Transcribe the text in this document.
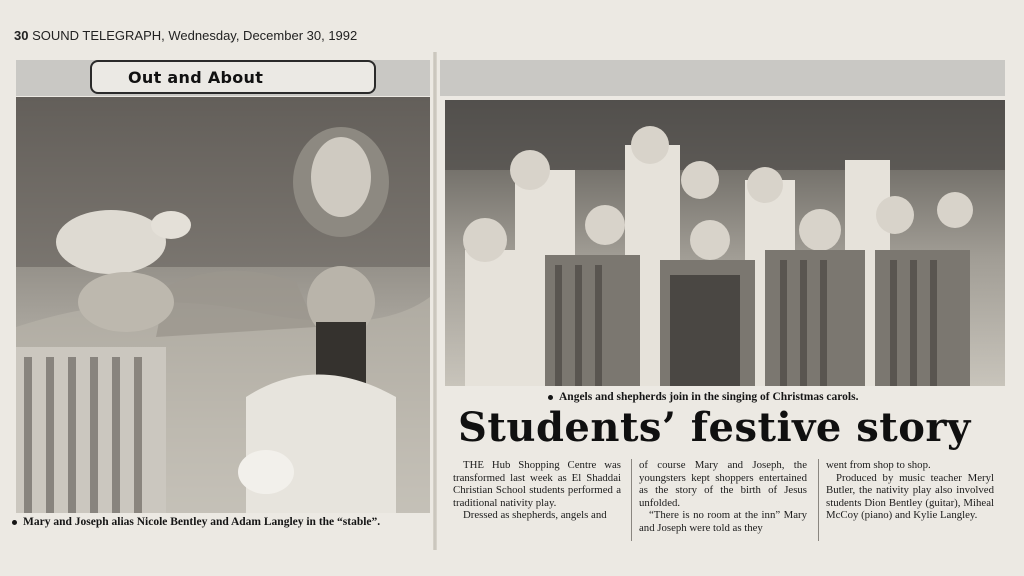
30 SOUND TELEGRAPH, Wednesday, December 30, 1992
Out and About
Mary and Joseph alias Nicole Bentley and Adam Langley in the “stable”.
Angels and shepherds join in the singing of Christmas carols.
Students’ festive story

THE Hub Shopping Centre was transformed last week as El Shaddai Christian School students performed a traditional nativity play.

Dressed as shepherds, angels and

of course Mary and Joseph, the youngsters kept shoppers entertained as the story of the birth of Jesus unfolded.

“There is no room at the inn” Mary and Joseph were told as they

went from shop to shop.

Produced by music teacher Meryl Butler, the nativity play also involved students Dion Bentley (guitar), Miheal McCoy (piano) and Kylie Langley.
